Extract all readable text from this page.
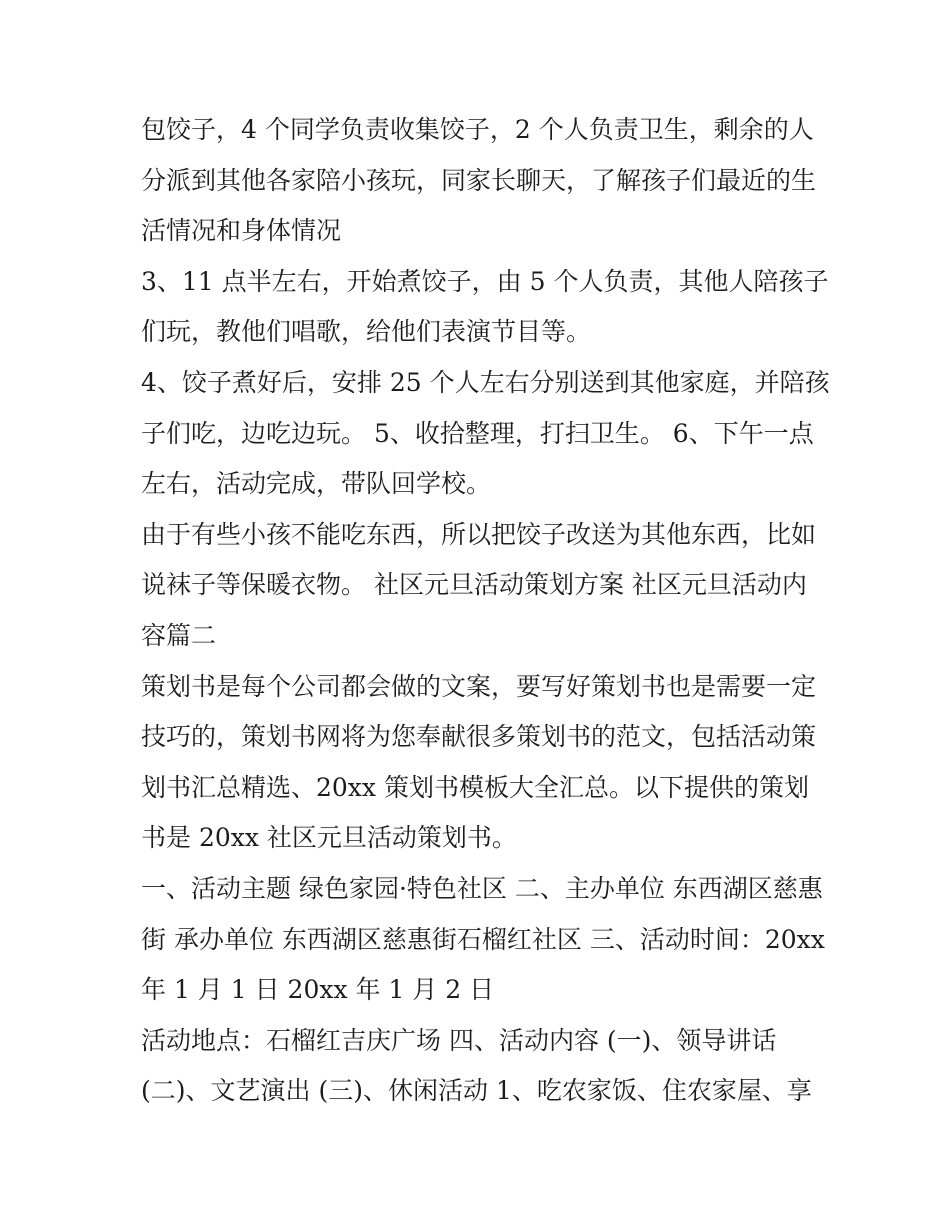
包饺子，4 个同学负责收集饺子，2 个人负责卫生，剩余的人
分派到其他各家陪小孩玩，同家长聊天，了解孩子们最近的生
活情况和身体情况
3、11 点半左右，开始煮饺子，由 5 个人负责，其他人陪孩子
们玩，教他们唱歌，给他们表演节目等。
4、饺子煮好后，安排 25 个人左右分别送到其他家庭，并陪孩
子们吃，边吃边玩。 5、收拾整理，打扫卫生。 6、下午一点
左右，活动完成，带队回学校。
由于有些小孩不能吃东西，所以把饺子改送为其他东西，比如
说袜子等保暖衣物。 社区元旦活动策划方案 社区元旦活动内
容篇二
策划书是每个公司都会做的文案，要写好策划书也是需要一定
技巧的，策划书网将为您奉献很多策划书的范文，包括活动策
划书汇总精选、20xx 策划书模板大全汇总。以下提供的策划
书是 20xx 社区元旦活动策划书。
一、活动主题 绿色家园·特色社区 二、主办单位 东西湖区慈惠
街 承办单位 东西湖区慈惠街石榴红社区 三、活动时间：20xx
年 1 月 1 日 20xx 年 1 月 2 日
活动地点：石榴红吉庆广场 四、活动内容 (一)、领导讲话
(二)、文艺演出 (三)、休闲活动 1、吃农家饭、住农家屋、享
